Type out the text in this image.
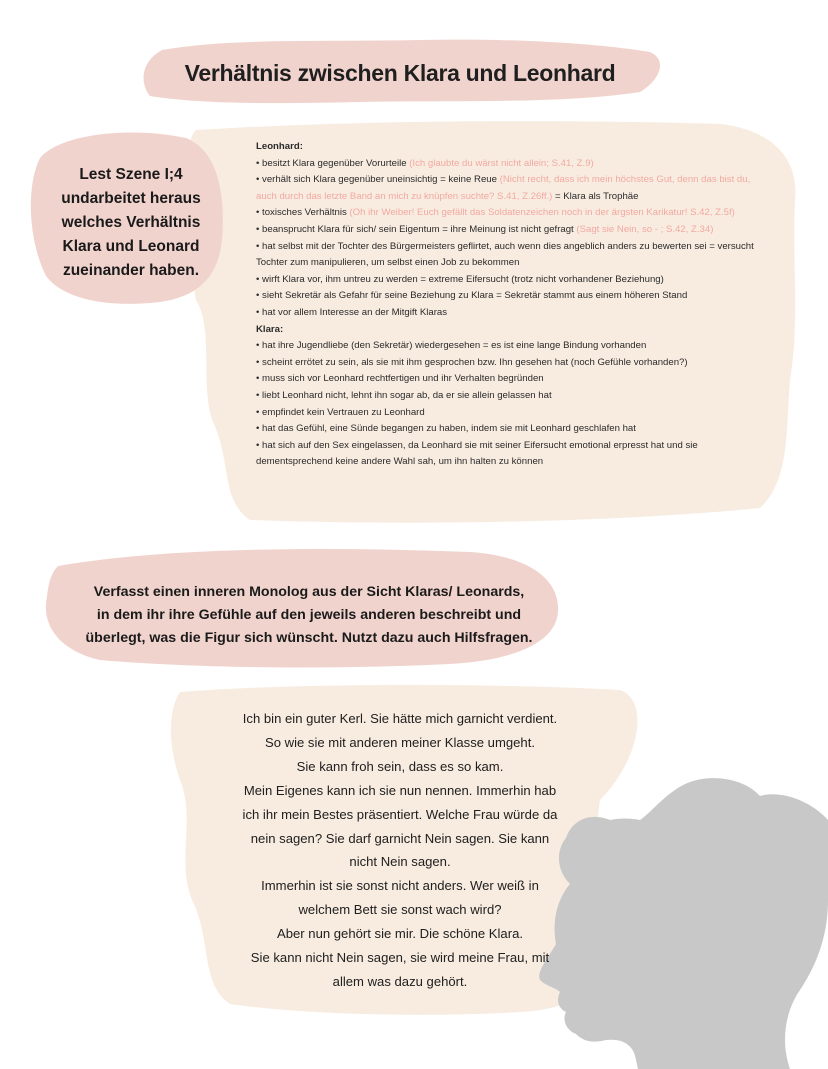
Verhältnis zwischen Klara und Leonhard
Lest Szene I;4
undarbeitet heraus
welches Verhältnis
Klara und Leonard
zueinander haben.
Leonhard:
• besitzt Klara gegenüber Vorurteile (Ich glaubte du wärst nicht allein; S.41, Z.9)
• verhält sich Klara gegenüber uneinsichtig = keine Reue (Nicht recht, dass ich mein höchstes Gut, denn das bist du, auch durch das letzte Band an mich zu knüpfen suchte? S.41, Z.26ff.) = Klara als Trophäe
• toxisches Verhältnis (Oh ihr Weiber! Euch gefällt das Soldatenzeichen noch in der ärgsten Karikatur! S.42, Z.5f)
• beansprucht Klara für sich/ sein Eigentum = ihre Meinung ist nicht gefragt (Sagt sie Nein, so - ; S.42, Z.34)
• hat selbst mit der Tochter des Bürgermeisters geflirtet, auch wenn dies angeblich anders zu bewerten sei = versucht Tochter zum manipulieren, um selbst einen Job zu bekommen
• wirft Klara vor, ihm untreu zu werden = extreme Eifersucht (trotz nicht vorhandener Beziehung)
• sieht Sekretär als Gefahr für seine Beziehung zu Klara = Sekretär stammt aus einem höheren Stand
• hat vor allem Interesse an der Mitgift Klaras
Klara:
• hat ihre Jugendliebe (den Sekretär) wiedergesehen = es ist eine lange Bindung vorhanden
• scheint errötet zu sein, als sie mit ihm gesprochen bzw. Ihn gesehen hat (noch Gefühle vorhanden?)
• muss sich vor Leonhard rechtfertigen und ihr Verhalten begründen
• liebt Leonhard nicht, lehnt ihn sogar ab, da er sie allein gelassen hat
• empfindet kein Vertrauen zu Leonhard
• hat das Gefühl, eine Sünde begangen zu haben, indem sie mit Leonhard geschlafen hat
• hat sich auf den Sex eingelassen, da Leonhard sie mit seiner Eifersucht emotional erpresst hat und sie dementsprechend keine andere Wahl sah, um ihn halten zu können
Verfasst einen inneren Monolog aus der Sicht Klaras/ Leonards,
in dem ihr ihre Gefühle auf den jeweils anderen beschreibt und
überlegt, was die Figur sich wünscht. Nutzt dazu auch Hilfsfragen.
Ich bin ein guter Kerl. Sie hätte mich garnicht verdient.
So wie sie mit anderen meiner Klasse umgeht.
Sie kann froh sein, dass es so kam.
Mein Eigenes kann ich sie nun nennen. Immerhin hab
ich ihr mein Bestes präsentiert. Welche Frau würde da
nein sagen? Sie darf garnicht Nein sagen. Sie kann
nicht Nein sagen.
Immerhin ist sie sonst nicht anders. Wer weiß in
welchem Bett sie sonst wach wird?
Aber nun gehört sie mir. Die schöne Klara.
Sie kann nicht Nein sagen, sie wird meine Frau, mit
allem was dazu gehört.
